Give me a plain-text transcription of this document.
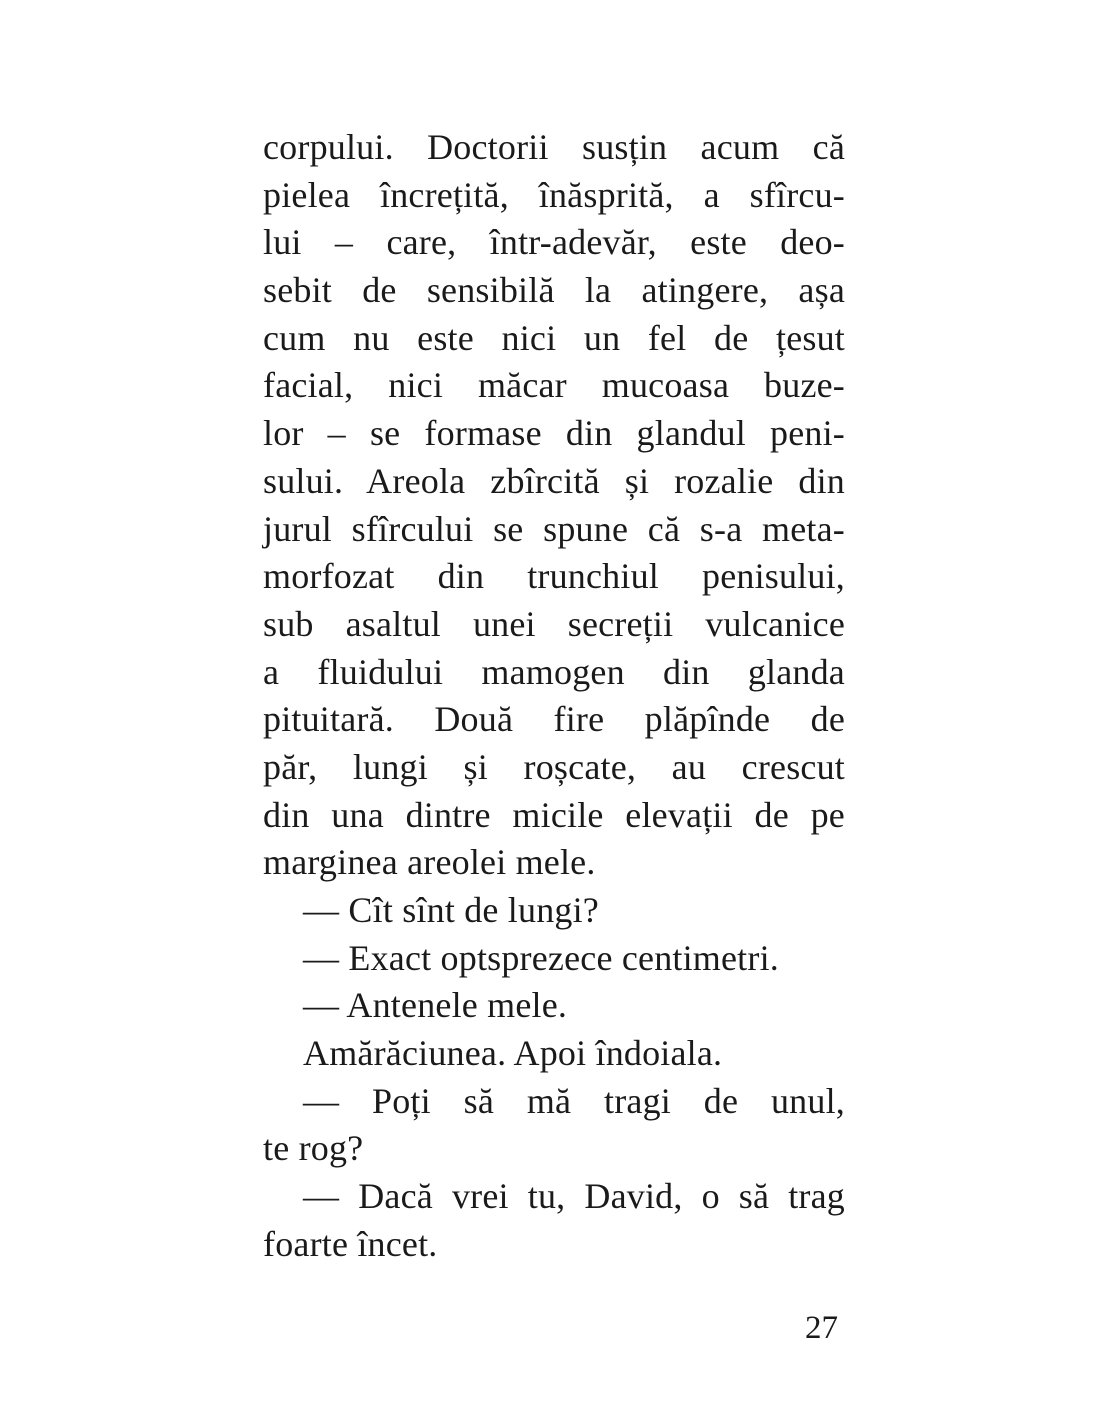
corpului. Doctorii susțin acum că
pielea încrețită, înăsprită, a sfîrcu-
lui – care, într-adevăr, este deo-
sebit de sensibilă la atingere, așa
cum nu este nici un fel de țesut
facial, nici măcar mucoasa buze-
lor – se formase din glandul peni-
sului. Areola zbîrcită și rozalie din
jurul sfîrcului se spune că s-a meta-
morfozat din trunchiul penisului,
sub asaltul unei secreții vulcanice
a fluidului mamogen din glanda
pituitară. Două fire plăpînde de
păr, lungi și roșcate, au crescut
din una dintre micile elevații de pe
marginea areolei mele.
— Cît sînt de lungi?
— Exact optsprezece centimetri.
— Antenele mele.
Amărăciunea. Apoi îndoiala.
— Poți să mă tragi de unul,
te rog?
— Dacă vrei tu, David, o să trag
foarte încet.
27
